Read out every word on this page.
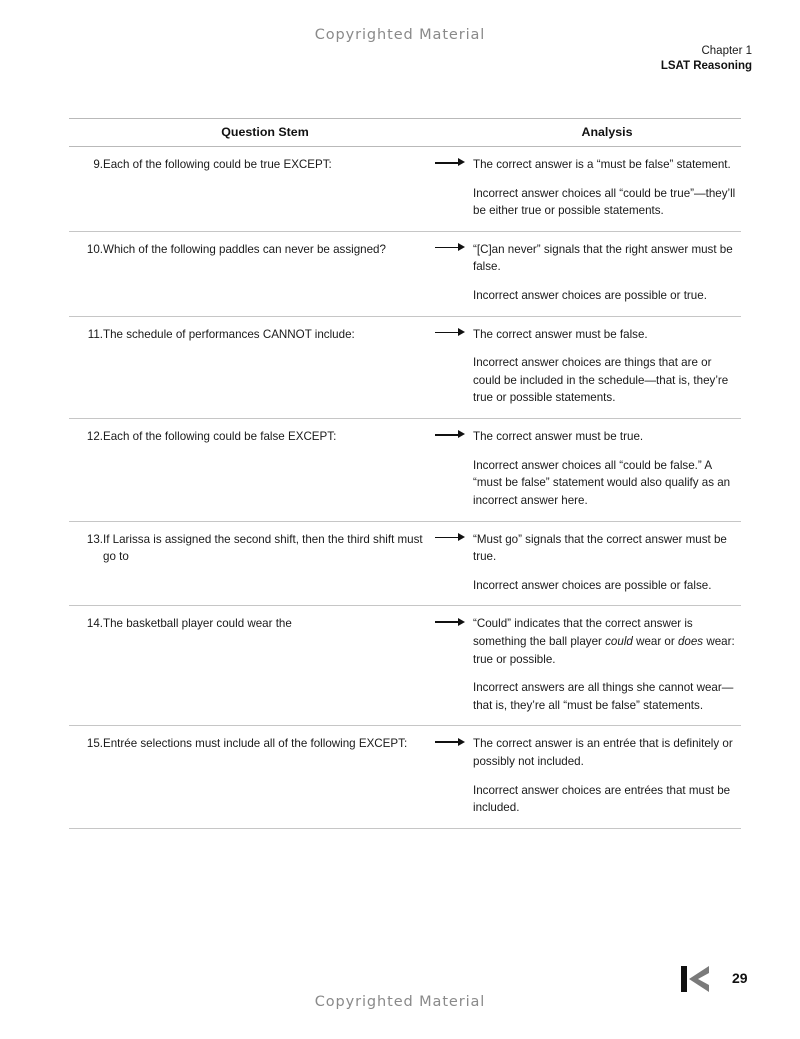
Copyrighted Material
Chapter 1
LSAT Reasoning
	Question Stem		Analysis
9.	Each of the following could be true EXCEPT:		The correct answer is a “must be false” statement.

Incorrect answer choices all “could be true”—they’ll be either true or possible statements.

10.	Which of the following paddles can never be assigned?		“[C]an never” signals that the right answer must be false.

Incorrect answer choices are possible or true.

11.	The schedule of performances CANNOT include:		The correct answer must be false.

Incorrect answer choices are things that are or could be included in the schedule—that is, they’re true or possible statements.

12.	Each of the following could be false EXCEPT:		The correct answer must be true.

Incorrect answer choices all “could be false.” A “must be false” statement would also qualify as an incorrect answer here.

13.	If Larissa is assigned the second shift, then the third shift must go to		“Must go” signals that the correct answer must be true.

Incorrect answer choices are possible or false.

14.	The basketball player could wear the		“Could” indicates that the correct answer is something the ball player could wear or does wear: true or possible.

Incorrect answers are all things she cannot wear—that is, they’re all “must be false” statements.

15.	Entrée selections must include all of the following EXCEPT:		The correct answer is an entrée that is definitely or possibly not included.

Incorrect answer choices are entrées that must be included.

29
Copyrighted Material
